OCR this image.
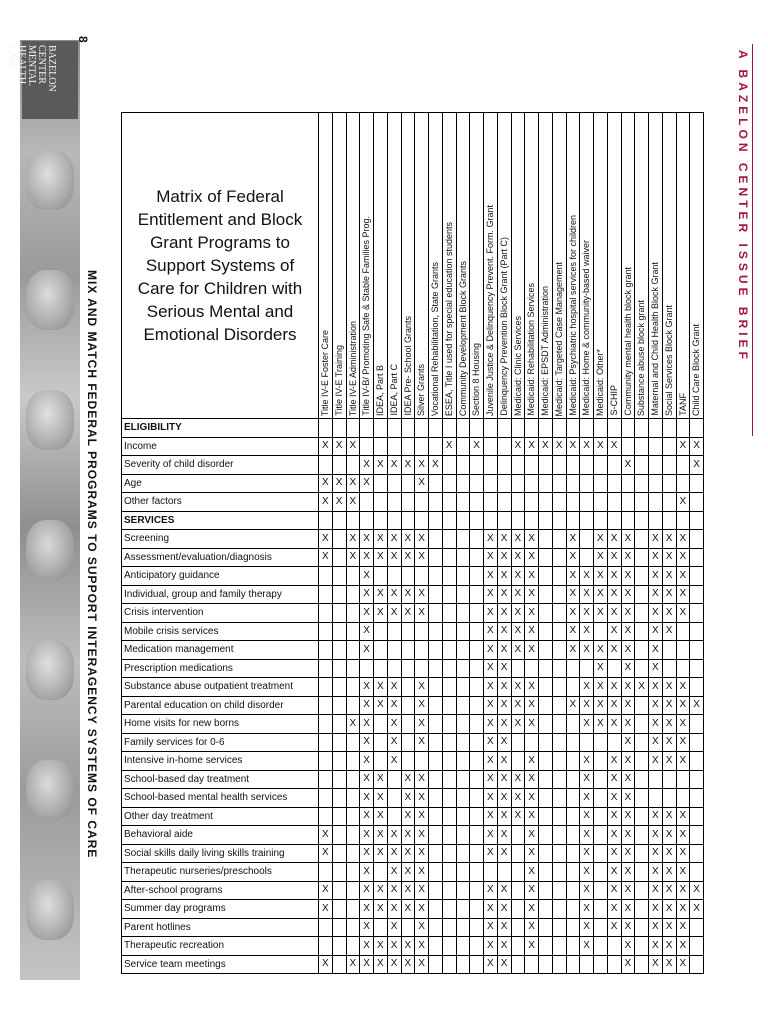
BAZELON
CENTER
MENTAL
HEALTH
LAW
8
MIX AND MATCH FEDERAL PROGRAMS TO SUPPORT INTERAGENCY SYSTEMS OF CARE
A BAZELON CENTER ISSUE BRIEF
Matrix of Federal Entitlement and Block Grant Programs to Support Systems of Care for Children with Serious Mental and Emotional Disorders	Title IV-E Foster Care	Title IV-E Training	Title IV-E Administration	Title IV-B/ Promoting Safe & Stable Families Prog.	IDEA, Part B	IDEA, Part C	IDEA Pre- School Grants	Silver Grants	Vocational Rehabilitation, State Grants	ESEA, Title I used for special education students	Community Development Block Grants	Section 8 Housing	Juvenile Justice & Delinquency Prevent. Form. Grant	Delinquency Prevention Block Grant (Part C)	Medicaid: Clinic Services	Medicaid: Rehabilitation Services	Medicaid: EPSDT Administration	Medicaid: Targeted Case Management	Medicaid: Psychiatric hospital services for children	Medicaid: Home & community-based waiver	Medicaid: Other*	S-CHIP	Community mental health block grant	Substance abuse block grant	Maternal and Child Health Block Grant	Social Services Block Grant	TANF	Child Care Block Grant

ELIGIBILITY																												
Income	X	X	X							X		X			X	X	X	X	X	X	X	X					X	X
Severity of child disorder				X	X	X	X	X	X														X					X
Age	X	X	X	X				X																				
Other factors	X	X	X																								X	
SERVICES																												
Screening	X		X	X	X	X	X	X					X	X	X	X			X		X	X	X		X	X	X	
Assessment/evaluation/diagnosis	X		X	X	X	X	X	X					X	X	X	X			X		X	X	X		X	X	X	
Anticipatory guidance				X									X	X	X	X			X	X	X	X	X		X	X	X	
Individual, group and family therapy				X	X	X	X	X					X	X	X	X			X	X	X	X	X		X	X	X	
Crisis intervention				X	X	X	X	X					X	X	X	X			X	X	X	X	X		X	X	X	
Mobile crisis services				X									X	X	X	X			X	X		X	X		X	X		
Medication management				X									X	X	X	X			X	X	X	X	X		X			
Prescription medications													X	X							X		X		X			
Substance abuse outpatient treatment				X	X	X		X					X	X	X	X				X	X	X	X	X	X	X	X	
Parental education on child disorder				X	X	X		X					X	X	X	X			X	X	X	X	X		X	X	X	X
Home visits for new borns			X	X		X		X					X	X	X	X				X	X	X	X		X	X	X	
Family services for 0-6				X		X		X					X	X									X		X	X	X	
Intensive in-home services				X		X							X	X		X				X		X	X		X	X	X	
School-based day treatment				X	X		X	X					X	X	X	X				X		X	X					
School-based mental health services				X	X		X	X					X	X	X	X				X		X	X					
Other day treatment				X	X		X	X					X	X	X	X				X		X	X		X	X	X	
Behavioral aide	X			X	X	X	X	X					X	X		X				X		X	X		X	X	X	
Social skills daily living skills training	X			X	X	X	X	X					X	X		X				X		X	X		X	X	X	
Therapeutic nurseries/preschools				X		X	X	X								X				X		X	X		X	X	X	
After-school programs	X			X	X	X	X	X					X	X		X				X		X	X		X	X	X	X
Summer day programs	X			X	X	X	X	X					X	X		X				X		X	X		X	X	X	X
Parent hotlines				X		X		X					X	X		X				X		X	X		X	X	X	
Therapeutic recreation				X	X	X	X	X					X	X		X				X			X		X	X	X	
Service team meetings	X		X	X	X	X	X	X					X	X									X		X	X	X	
